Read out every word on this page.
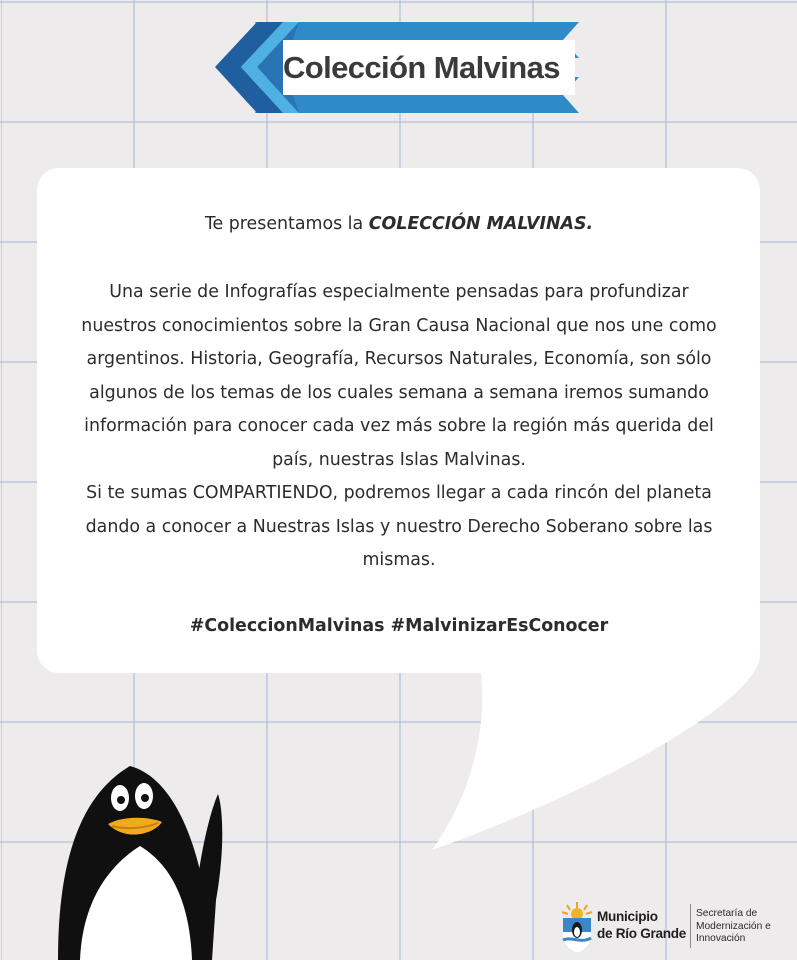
Colección Malvinas

Te presentamos la COLECCIÓN MALVINAS.

Una serie de Infografías especialmente pensadas para profundizar

nuestros conocimientos sobre la Gran Causa Nacional que nos une como

argentinos. Historia, Geografía, Recursos Naturales, Economía, son sólo

algunos de los temas de los cuales semana a semana iremos sumando

información para conocer cada vez más sobre la región más querida del

país, nuestras Islas Malvinas.

Si te sumas COMPARTIENDO, podremos llegar a cada rincón del planeta

dando a conocer a Nuestras Islas y nuestro Derecho Soberano sobre las

mismas.

#ColeccionMalvinas #MalvinizarEsConocer

Municipio
de Río Grande
Secretaría de
Modernización e
Innovación
